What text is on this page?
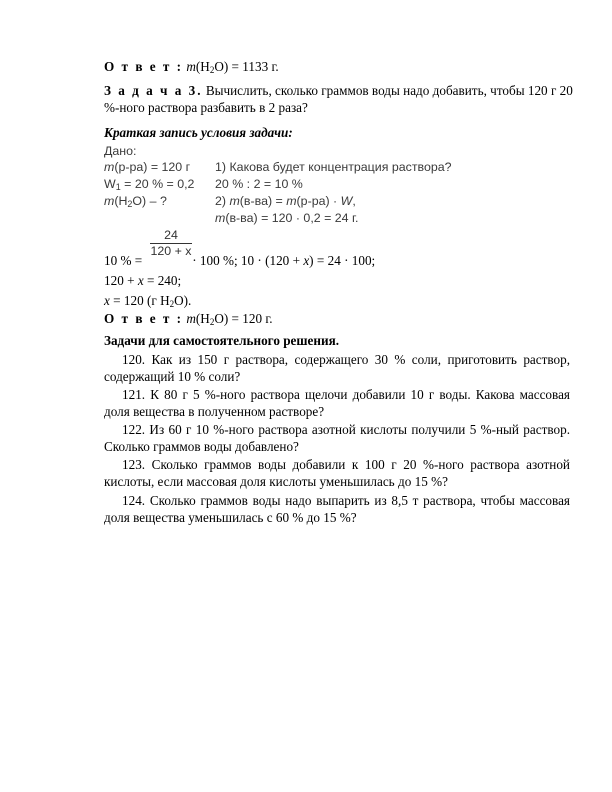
О т в е т : $m(H_2O) = 1133$ г.
З а д а ч а 3. Вычислить, сколько граммов воды надо добавить, чтобы 120 г 20
%-ного раствора разбавить в 2 раза?
Краткая запись условия задачи:
Дано:
m(р-ра) = 120 г 1) Какова будет концентрация раствора?
$W_1 = 20$ % = 0,2 20 % : 2 = 10 %
$m(H_2O)$ – ?	2) m(в-ва) = m(р-ра) · W,
m(в-ва) = 120 · 0,2 = 24 г.
24
120 + x
10 % =	· 100 %; 10 · (120 + x) = 24 · 100;
120 + x = 240;
x = 120 (г $H_2O$).
О т в е т : $m(H_2O) = 120$ г.
Задачи для самостоятельного решения.
120. Как из 150 г раствора, содержащего 30 % соли, приготовить раствор, содержащий 10 % соли?
121. К 80 г 5 %-ного раствора щелочи добавили 10 г воды. Какова массовая доля вещества в полученном растворе?
122. Из 60 г 10 %-ного раствора азотной кислоты получили 5 %-ный раствор. Сколько граммов воды добавлено?
123. Сколько граммов воды добавили к 100 г 20 %-ного раствора азотной кислоты, если массовая доля кислоты уменьшилась до 15 %?
124. Сколько граммов воды надо выпарить из 8,5 т раствора, чтобы массовая доля вещества уменьшилась с 60 % до 15 %?
